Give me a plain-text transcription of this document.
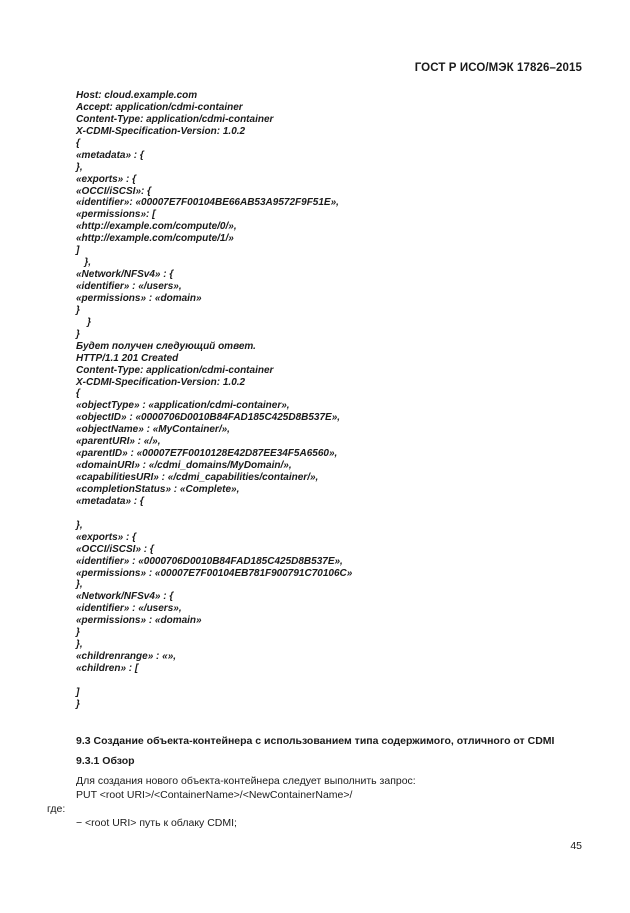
ГОСТ Р ИСО/МЭК 17826–2015
Host: cloud.example.com
Accept: application/cdmi-container
Content-Type: application/cdmi-container
X-CDMI-Specification-Version: 1.0.2
{
«metadata» : {
},
«exports» : {
«OCCI/iSCSI»: {
«identifier»: «00007E7F00104BE66AB53A9572F9F51E»,
«permissions»: [
«http://example.com/compute/0/»,
«http://example.com/compute/1/»
]
},
«Network/NFSv4» : {
«identifier» : «/users»,
«permissions» : «domain»
}
}
}
Будет получен следующий ответ.
HTTP/1.1 201 Created
Content-Type: application/cdmi-container
X-CDMI-Specification-Version: 1.0.2
{
«objectType» : «application/cdmi-container»,
«objectID» : «0000706D0010B84FAD185C425D8B537E»,
«objectName» : «MyContainer/»,
«parentURI» : «/»,
«parentID» : «00007E7F0010128E42D87EE34F5A6560»,
«domainURI» : «/cdmi_domains/MyDomain/»,
«capabilitiesURI» : «/cdmi_capabilities/container/»,
«completionStatus» : «Complete»,
«metadata» : {
},
«exports» : {
«OCCI/iSCSI» : {
«identifier» : «0000706D0010B84FAD185C425D8B537E»,
«permissions» : «00007E7F00104EB781F900791C70106C»
},
«Network/NFSv4» : {
«identifier» : «/users»,
«permissions» : «domain»
}
},
«childrenrange» : «»,
«children» : [
]
}
9.3 Создание объекта-контейнера с использованием типа содержимого, отличного от CDMI
9.3.1 Обзор
Для создания нового объекта-контейнера следует выполнить запрос:
PUT <root URI>/<ContainerName>/<NewContainerName>/
где:
− <root URI> путь к облаку CDMI;
45
